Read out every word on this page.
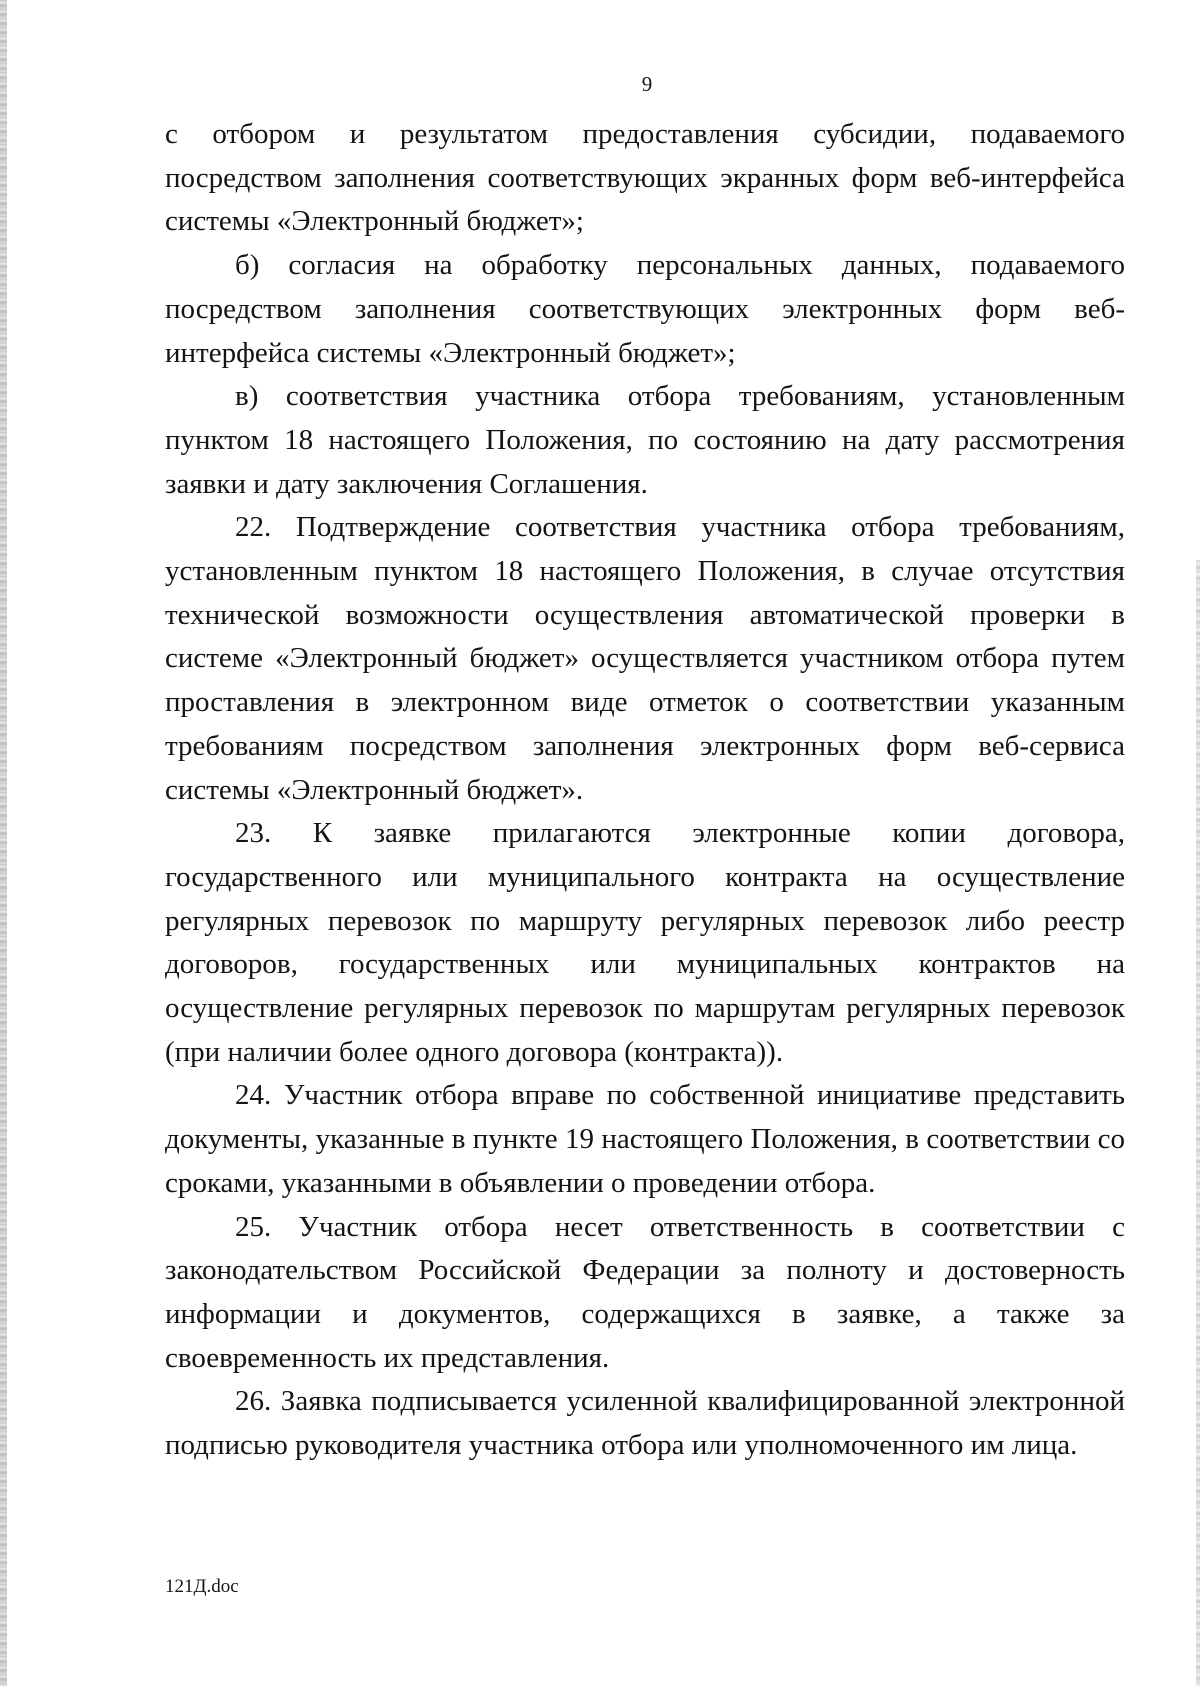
9

с отбором и результатом предоставления субсидии, подаваемого посредством заполнения соответствующих экранных форм веб-интерфейса системы «Электронный бюджет»;

б) согласия на обработку персональных данных, подаваемого посредством заполнения соответствующих электронных форм веб-интерфейса системы «Электронный бюджет»;

в) соответствия участника отбора требованиям, установленным пунктом 18 настоящего Положения, по состоянию на дату рассмотрения заявки и дату заключения Соглашения.

22. Подтверждение соответствия участника отбора требованиям, установленным пунктом 18 настоящего Положения, в случае отсутствия технической возможности осуществления автоматической проверки в системе «Электронный бюджет» осуществляется участником отбора путем проставления в электронном виде отметок о соответствии указанным требованиям посредством заполнения электронных форм веб-сервиса системы «Электронный бюджет».

23. К заявке прилагаются электронные копии договора, государственного или муниципального контракта на осуществление регулярных перевозок по маршруту регулярных перевозок либо реестр договоров, государственных или муниципальных контрактов на осуществление регулярных перевозок по маршрутам регулярных перевозок (при наличии более одного договора (контракта)).

24. Участник отбора вправе по собственной инициативе представить документы, указанные в пункте 19 настоящего Положения, в соответствии со сроками, указанными в объявлении о проведении отбора.

25. Участник отбора несет ответственность в соответствии с законодательством Российской Федерации за полноту и достоверность информации и документов, содержащихся в заявке, а также за своевременность их представления.

26. Заявка подписывается усиленной квалифицированной электронной подписью руководителя участника отбора или уполномоченного им лица.

121Д.doc
